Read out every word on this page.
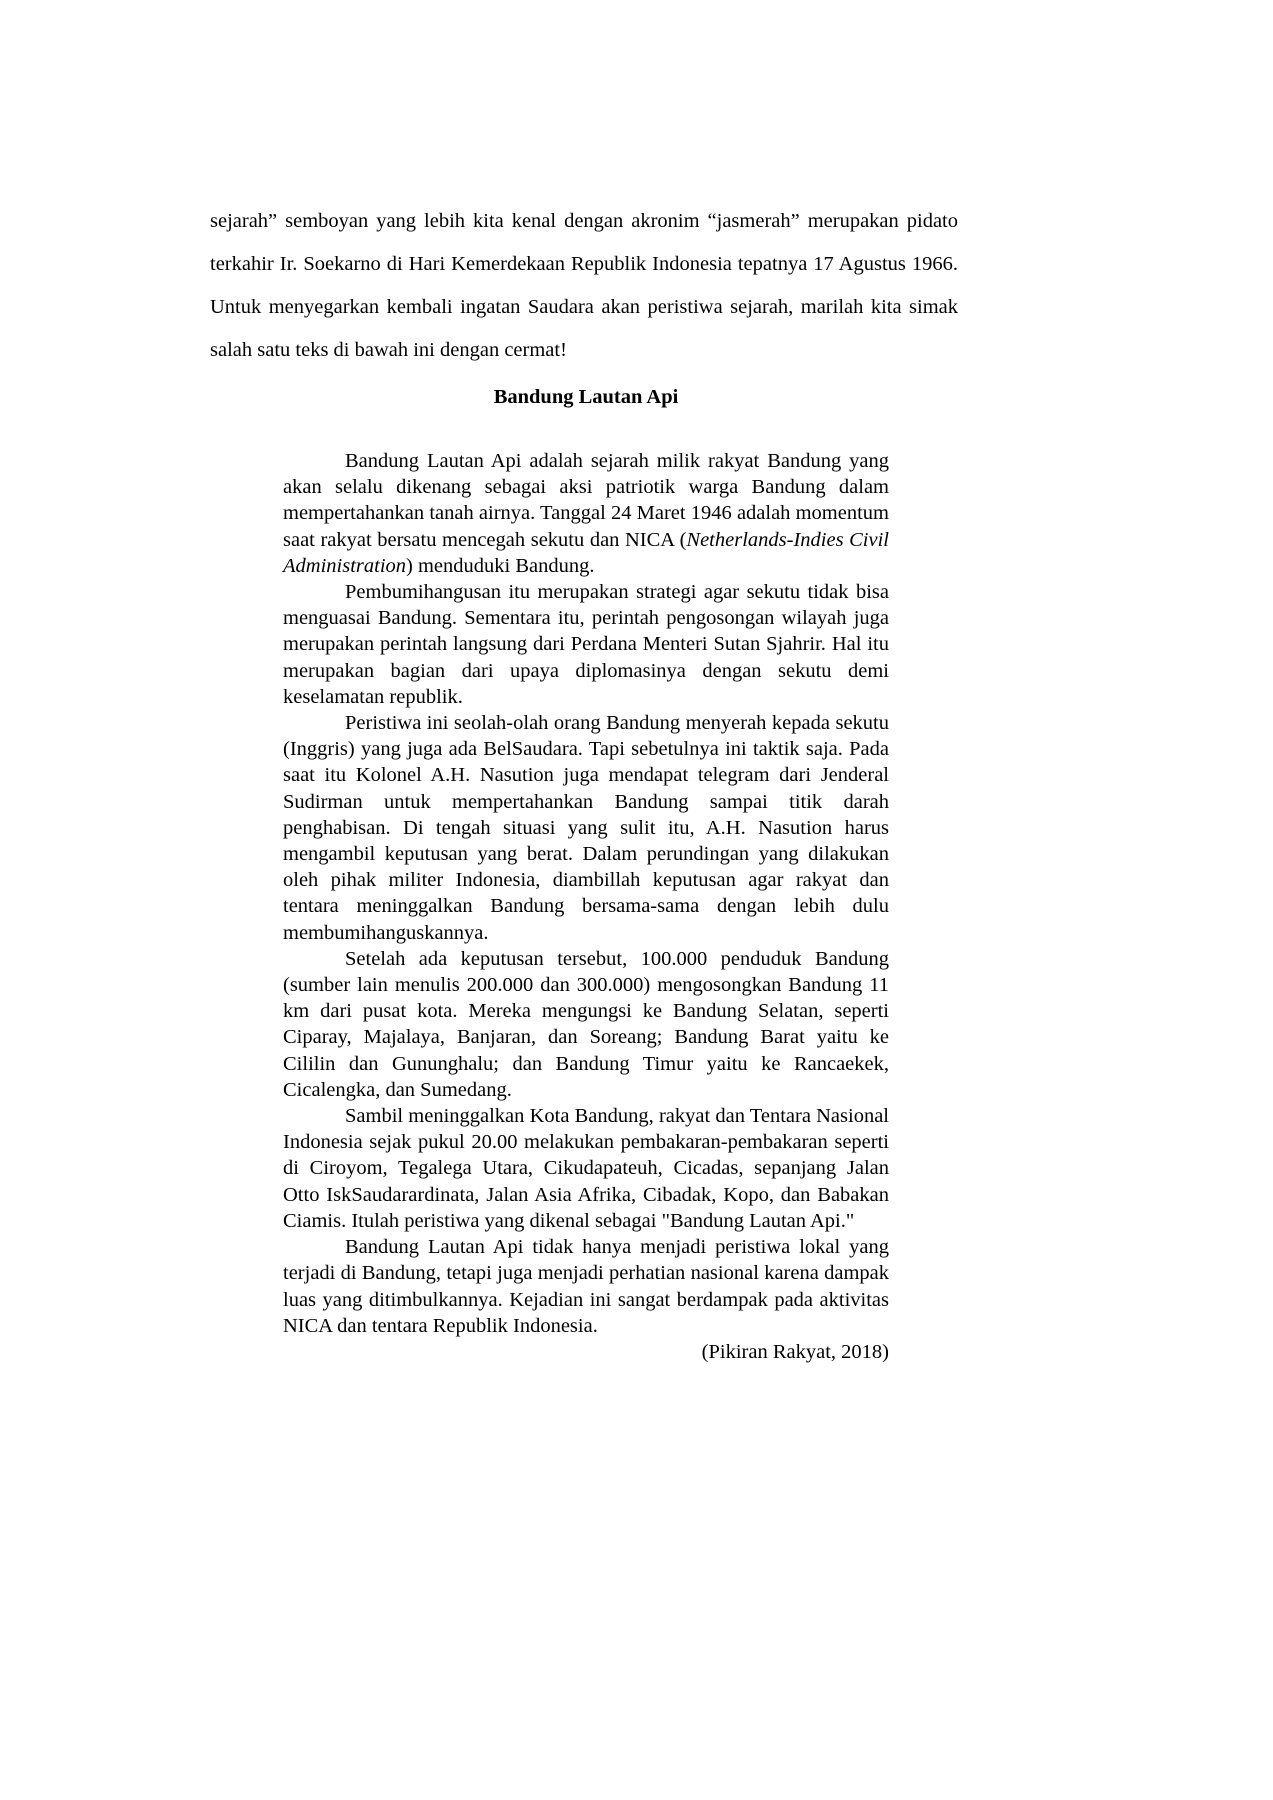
sejarah” semboyan yang lebih kita kenal dengan akronim “jasmerah” merupakan pidato terkahir Ir. Soekarno di Hari Kemerdekaan Republik Indonesia tepatnya 17 Agustus 1966. Untuk menyegarkan kembali ingatan Saudara akan peristiwa sejarah, marilah kita simak salah satu teks di bawah ini dengan cermat!

Bandung Lautan Api

Bandung Lautan Api adalah sejarah milik rakyat Bandung yang akan selalu dikenang sebagai aksi patriotik warga Bandung dalam mempertahankan tanah airnya. Tanggal 24 Maret 1946 adalah momentum saat rakyat bersatu mencegah sekutu dan NICA (Netherlands-Indies Civil Administration) menduduki Bandung.

Pembumihangusan itu merupakan strategi agar sekutu tidak bisa menguasai Bandung. Sementara itu, perintah pengosongan wilayah juga merupakan perintah langsung dari Perdana Menteri Sutan Sjahrir. Hal itu merupakan bagian dari upaya diplomasinya dengan sekutu demi keselamatan republik.

Peristiwa ini seolah-olah orang Bandung menyerah kepada sekutu (Inggris) yang juga ada BelSaudara. Tapi sebetulnya ini taktik saja. Pada saat itu Kolonel A.H. Nasution juga mendapat telegram dari Jenderal Sudirman untuk mempertahankan Bandung sampai titik darah penghabisan. Di tengah situasi yang sulit itu, A.H. Nasution harus mengambil keputusan yang berat. Dalam perundingan yang dilakukan oleh pihak militer Indonesia, diambillah keputusan agar rakyat dan tentara meninggalkan Bandung bersama-sama dengan lebih dulu membumihanguskannya.

Setelah ada keputusan tersebut, 100.000 penduduk Bandung (sumber lain menulis 200.000 dan 300.000) mengosongkan Bandung 11 km dari pusat kota. Mereka mengungsi ke Bandung Selatan, seperti Ciparay, Majalaya, Banjaran, dan Soreang; Bandung Barat yaitu ke Cililin dan Gununghalu; dan Bandung Timur yaitu ke Rancaekek, Cicalengka, dan Sumedang.

Sambil meninggalkan Kota Bandung, rakyat dan Tentara Nasional Indonesia sejak pukul 20.00 melakukan pembakaran-pembakaran seperti di Ciroyom, Tegalega Utara, Cikudapateuh, Cicadas, sepanjang Jalan Otto IskSaudarardinata, Jalan Asia Afrika, Cibadak, Kopo, dan Babakan Ciamis. Itulah peristiwa yang dikenal sebagai "Bandung Lautan Api."

Bandung Lautan Api tidak hanya menjadi peristiwa lokal yang terjadi di Bandung, tetapi juga menjadi perhatian nasional karena dampak luas yang ditimbulkannya. Kejadian ini sangat berdampak pada aktivitas NICA dan tentara Republik Indonesia.

(Pikiran Rakyat, 2018)
